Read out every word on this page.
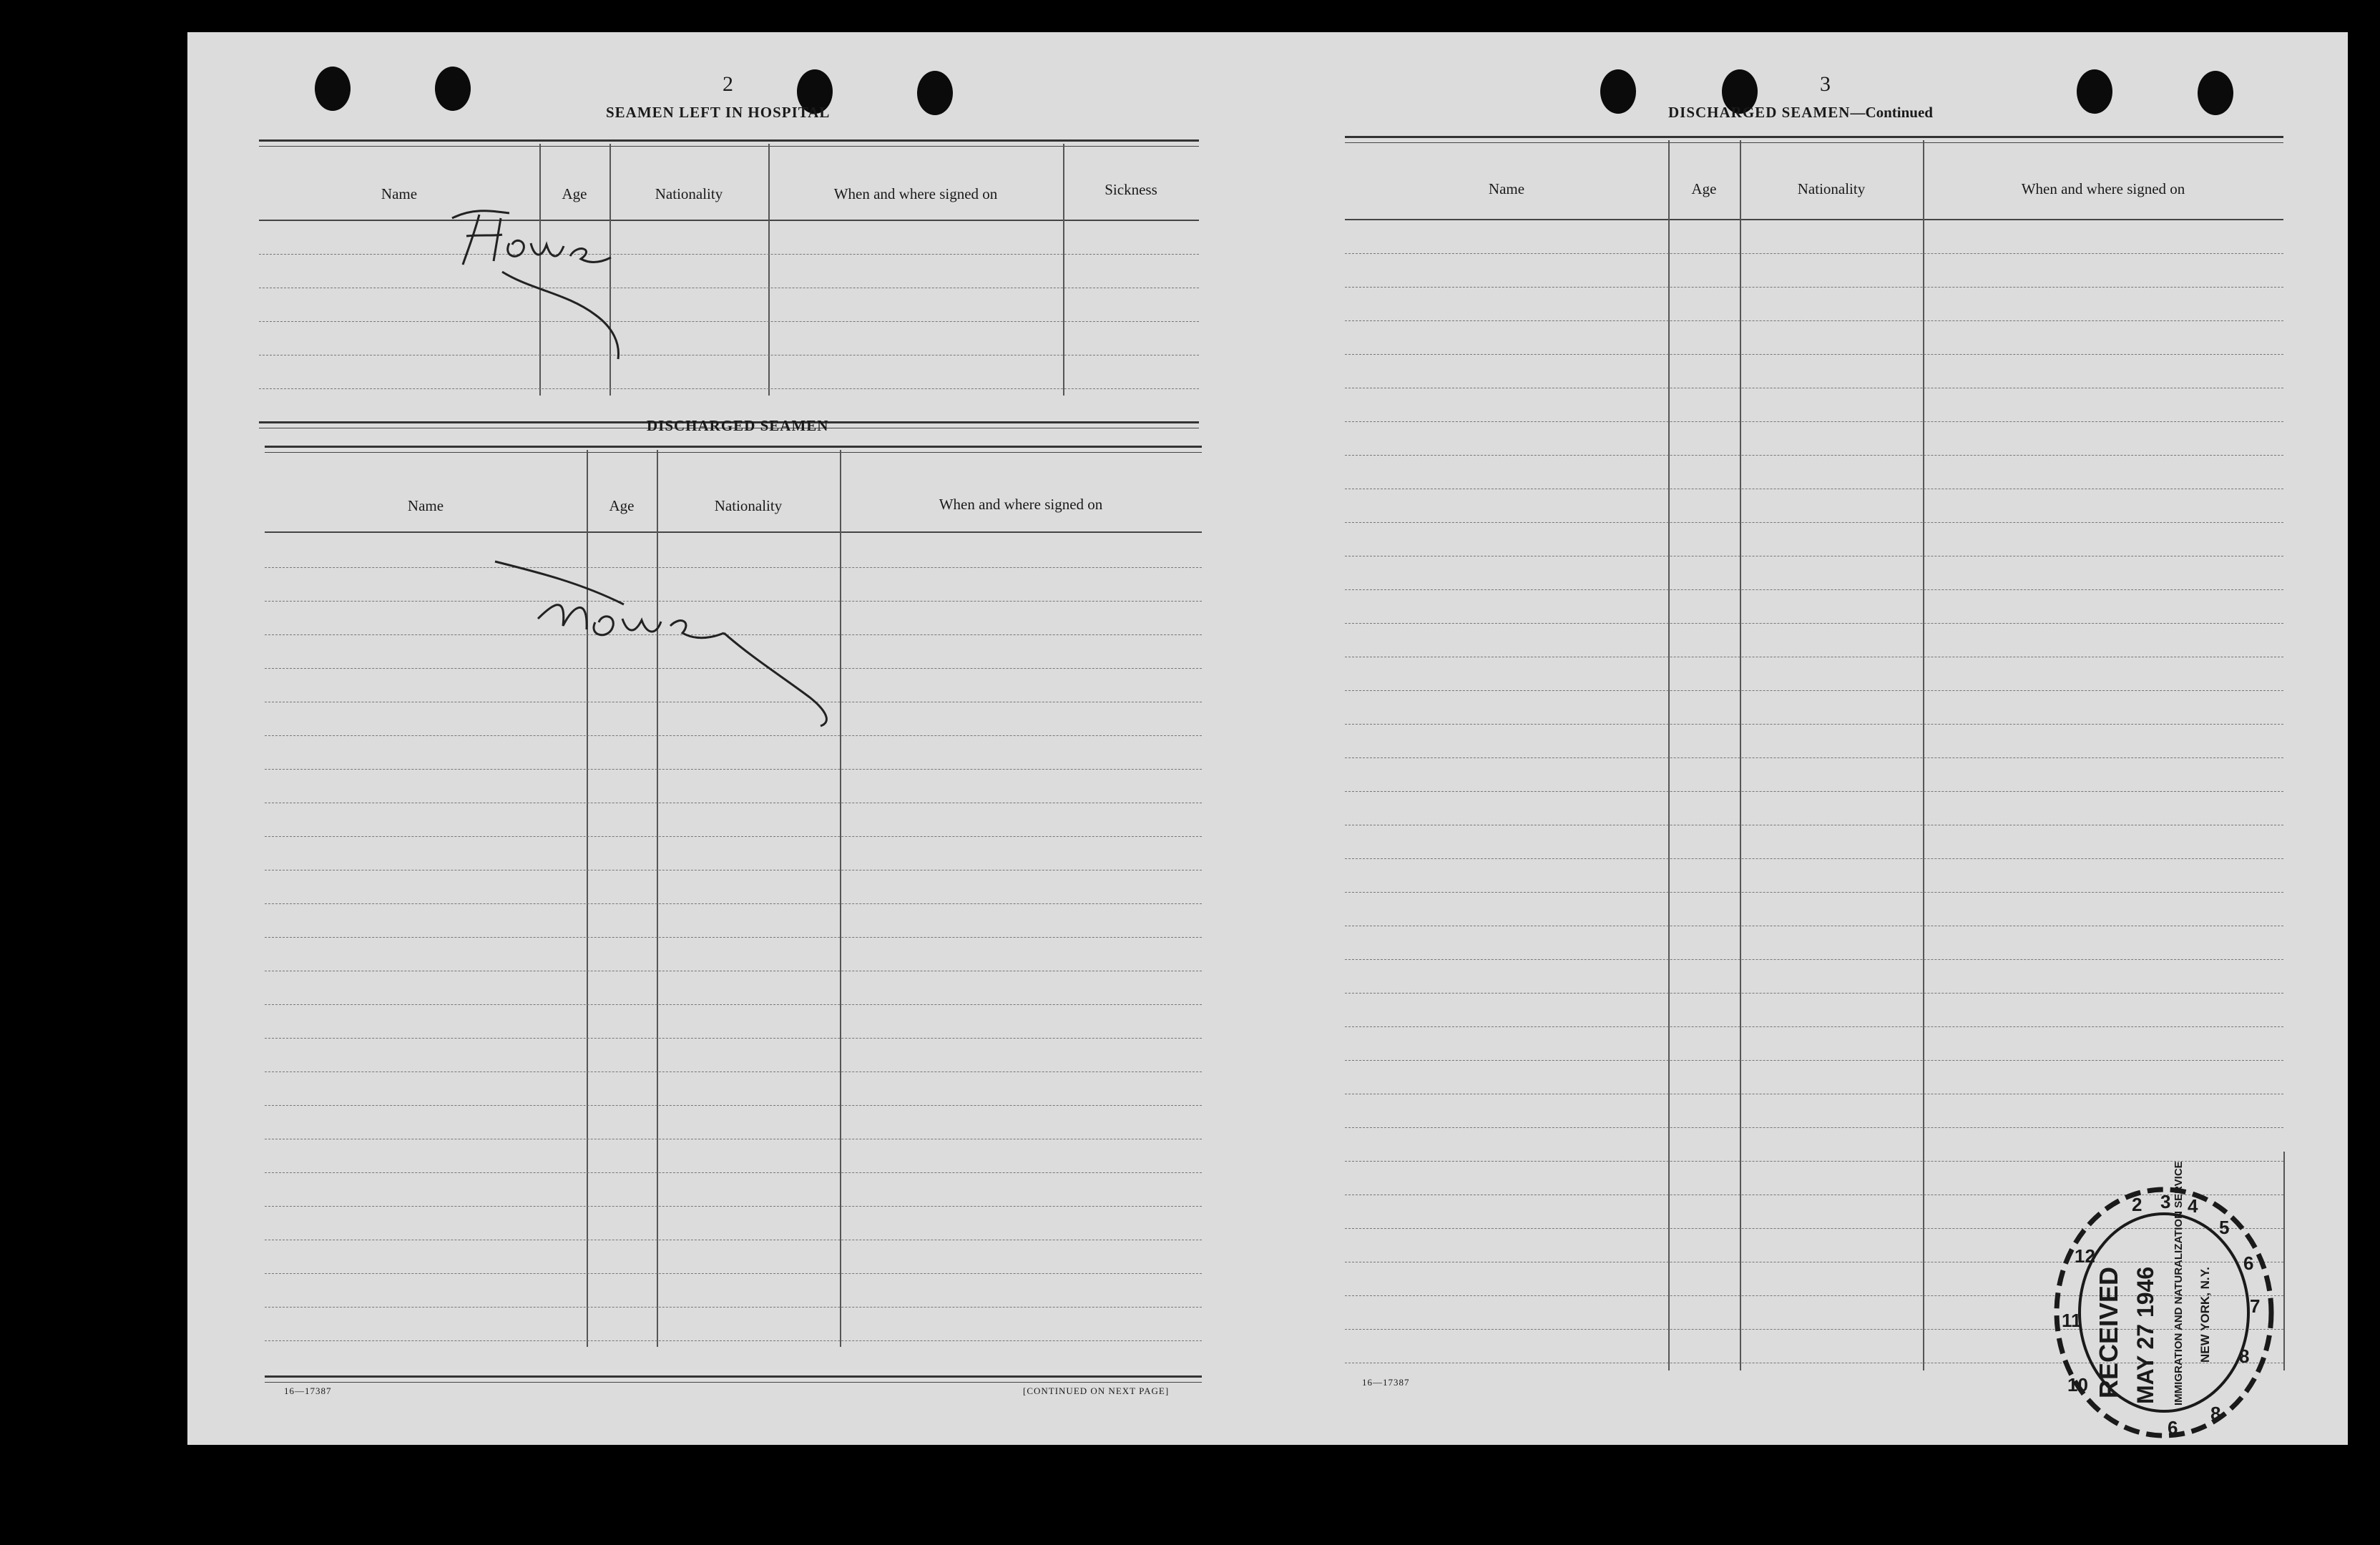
2
SEAMEN LEFT IN HOSPITAL
Name	Age	Nationality	When and where signed on	Sickness
DISCHARGED SEAMEN
Name	Age	Nationality	When and where signed on
16—17387	[CONTINUED ON NEXT PAGE]
3
DISCHARGED SEAMEN—Continued
Name	Age	Nationality	When and where signed on
16—17387
2 3 4
5
6
7
8
8
6
10
11
12
RECEIVED MAY 27 1946 IMMIGRATION AND NATURALIZATION SERVICE NEW YORK, N.Y.
